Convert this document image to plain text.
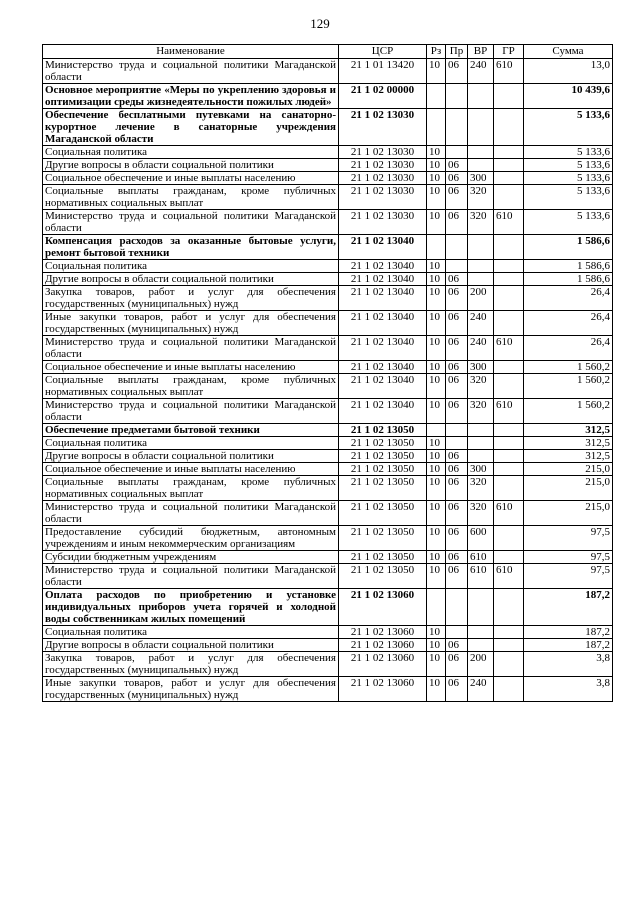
129
Наименование	ЦСР	Рз	Пр	ВР	ГР	Сумма
Министерство труда и социальной политики Магаданской области	21 1 01 13420	10	06	240	610	13,0
Основное мероприятие «Меры по укреплению здоровья и оптимизации среды жизнедеятельности пожилых людей»	21 1 02 00000					10 439,6
Обеспечение бесплатными путевками на санаторно-курортное лечение в санаторные учреждения Магаданской области	21 1 02 13030					5 133,6
Социальная политика	21 1 02 13030	10				5 133,6
Другие вопросы в области социальной политики	21 1 02 13030	10	06			5 133,6
Социальное обеспечение и иные выплаты населению	21 1 02 13030	10	06	300		5 133,6
Социальные выплаты гражданам, кроме публичных нормативных социальных выплат	21 1 02 13030	10	06	320		5 133,6
Министерство труда и социальной политики Магаданской области	21 1 02 13030	10	06	320	610	5 133,6
Компенсация расходов за оказанные бытовые услуги, ремонт бытовой техники	21 1 02 13040					1 586,6
Социальная политика	21 1 02 13040	10				1 586,6
Другие вопросы в области социальной политики	21 1 02 13040	10	06			1 586,6
Закупка товаров, работ и услуг для обеспечения государственных (муниципальных) нужд	21 1 02 13040	10	06	200		26,4
Иные закупки товаров, работ и услуг для обеспечения государственных (муниципальных) нужд	21 1 02 13040	10	06	240		26,4
Министерство труда и социальной политики Магаданской области	21 1 02 13040	10	06	240	610	26,4
Социальное обеспечение и иные выплаты населению	21 1 02 13040	10	06	300		1 560,2
Социальные выплаты гражданам, кроме публичных нормативных социальных выплат	21 1 02 13040	10	06	320		1 560,2
Министерство труда и социальной политики Магаданской области	21 1 02 13040	10	06	320	610	1 560,2
Обеспечение предметами бытовой техники	21 1 02 13050					312,5
Социальная политика	21 1 02 13050	10				312,5
Другие вопросы в области социальной политики	21 1 02 13050	10	06			312,5
Социальное обеспечение и иные выплаты населению	21 1 02 13050	10	06	300		215,0
Социальные выплаты гражданам, кроме публичных нормативных социальных выплат	21 1 02 13050	10	06	320		215,0
Министерство труда и социальной политики Магаданской области	21 1 02 13050	10	06	320	610	215,0
Предоставление субсидий бюджетным, автономным учреждениям и иным некоммерческим организациям	21 1 02 13050	10	06	600		97,5
Субсидии бюджетным учреждениям	21 1 02 13050	10	06	610		97,5
Министерство труда и социальной политики Магаданской области	21 1 02 13050	10	06	610	610	97,5
Оплата расходов по приобретению и установке индивидуальных приборов учета горячей и холодной воды собственникам жилых помещений	21 1 02 13060					187,2
Социальная политика	21 1 02 13060	10				187,2
Другие вопросы в области социальной политики	21 1 02 13060	10	06			187,2
Закупка товаров, работ и услуг для обеспечения государственных (муниципальных) нужд	21 1 02 13060	10	06	200		3,8
Иные закупки товаров, работ и услуг для обеспечения государственных (муниципальных) нужд	21 1 02 13060	10	06	240		3,8
